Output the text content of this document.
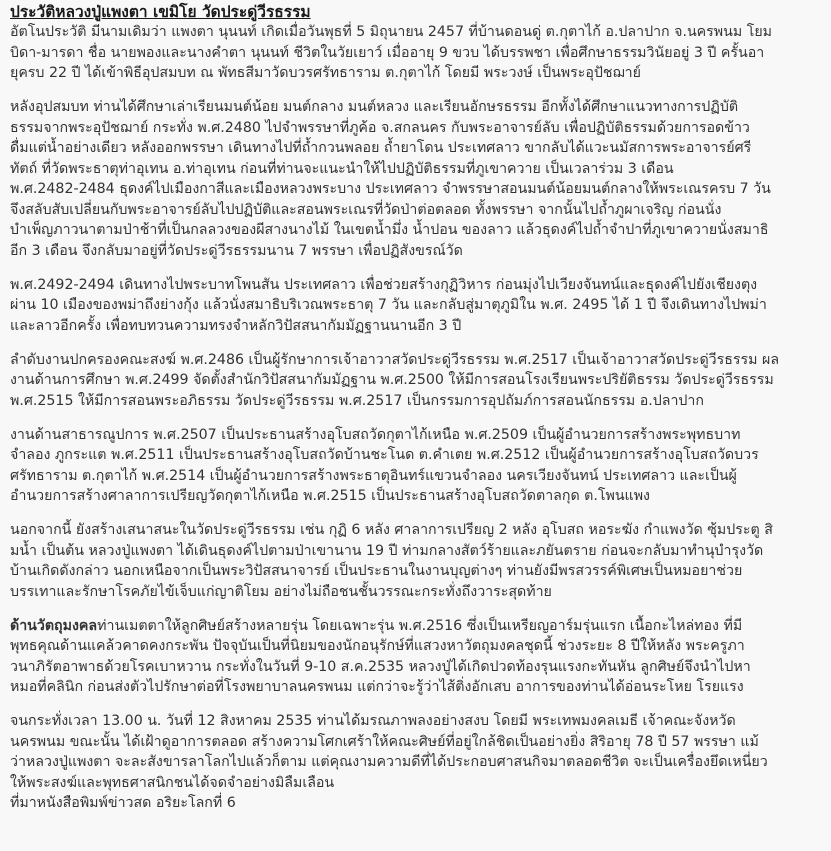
ประวัติหลวงปู่แพงตา เขมิโย วัดประดู่วีรธรรม

อัตโนประวัติ มีนามเดิมว่า แพงตา นุนนท์ เกิดเมื่อวันพุธที่ 5 มิถุนายน 2457 ที่บ้านดอนดู่ ต.กุตาไก้ อ.ปลาปาก จ.นครพนม โยม
บิดา-มารดา ชื่อ นายพองและนางคำตา นุนนท์ ชีวิตในวัยเยาว์ เมื่ออายุ 9 ขวบ ได้บรรพชา เพื่อศึกษาธรรมวินัยอยู่ 3 ปี ครั้นอา
ยุครบ 22 ปี ได้เข้าพิธีอุปสมบท ณ พัทธสีมาวัดบวรศรัทธาราม ต.กุตาไก้ โดยมี พระวงษ์ เป็นพระอุปัชฌาย์

หลังอุปสมบท ท่านได้ศึกษาเล่าเรียนมนต์น้อย มนต์กลาง มนต์หลวง และเรียนอักษรธรรม อีกทั้งได้ศึกษาแนวทางการปฏิบัติ
ธรรมจากพระอุปัชฌาย์ กระทั่ง พ.ศ.2480 ไปจำพรรษาที่ภูค้อ จ.สกลนคร กับพระอาจารย์ลับ เพื่อปฏิบัติธรรมด้วยการอดข้าว
ดื่มแต่น้ำอย่างเดียว หลังออกพรรษา เดินทางไปที่ถ้ำกวนพลอย ถ้ำยาโดน ประเทศลาว ขากลับได้แวะนมัสการพระอาจารย์ศรี
ทัตถ์ ที่วัดพระธาตุท่าอุเทน อ.ท่าอุเทน ก่อนที่ท่านจะแนะนำให้ไปปฏิบัติธรรมที่ภูเขาควาย เป็นเวลาร่วม 3 เดือน
พ.ศ.2482-2484 ธุดงค์ไปเมืองกาสีและเมืองหลวงพระบาง ประเทศลาว จำพรรษาสอนมนต์น้อยมนต์กลางให้พระเณรครบ 7 วัน
จึงสลับสับเปลี่ยนกับพระอาจารย์ลับไปปฏิบัติและสอนพระเณรที่วัดป่าต่อตลอด ทั้งพรรษา จากนั้นไปถ้ำภูผาเจริญ ก่อนนั่ง
บำเพ็ญภาวนาตามป่าช้าที่เป็นกลลวงของผีสางนางไม้ ในเขตน้ำมึ่ง น้ำปอน ของลาว แล้วธุดงค์ไปถ้ำจำปาที่ภูเขาควายนั่งสมาธิ
อีก 3 เดือน จึงกลับมาอยู่ที่วัดประดู่วีรธรรมนาน 7 พรรษา เพื่อปฏิสังขรณ์วัด

พ.ศ.2492-2494 เดินทางไปพระบาทโพนสัน ประเทศลาว เพื่อช่วยสร้างกุฏิวิหาร ก่อนมุ่งไปเวียงจันทน์และธุดงค์ไปยังเชียงตุง
ผ่าน 10 เมืองของพม่าถึงย่างกุ้ง แล้วนั่งสมาธิบริเวณพระธาตุ 7 วัน และกลับสู่มาตุภูมิใน พ.ศ. 2495 ได้ 1 ปี จึงเดินทางไปพม่า
และลาวอีกครั้ง เพื่อทบทวนความทรงจำหลักวิปัสสนากัมมัฏฐานนานอีก 3 ปี

ลำดับงานปกครองคณะสงฆ์ พ.ศ.2486 เป็นผู้รักษาการเจ้าอาวาสวัดประดู่วีรธรรม พ.ศ.2517 เป็นเจ้าอาวาสวัดประดู่วีรธรรม ผล
งานด้านการศึกษา พ.ศ.2499 จัดตั้งสำนักวิปัสสนากัมมัฏฐาน พ.ศ.2500 ให้มีการสอนโรงเรียนพระปริยัติธรรม วัดประดู่วีรธรรม
พ.ศ.2515 ให้มีการสอนพระอภิธรรม วัดประดู่วีรธรรม พ.ศ.2517 เป็นกรรมการอุปถัมภ์การสอนนักธรรม อ.ปลาปาก

งานด้านสาธารณูปการ พ.ศ.2507 เป็นประธานสร้างอุโบสถวัดกุตาไก้เหนือ พ.ศ.2509 เป็นผู้อำนวยการสร้างพระพุทธบาท
จำลอง ภูกระแต พ.ศ.2511 เป็นประธานสร้างอุโบสถวัดบ้านชะโนด ต.คำเตย พ.ศ.2512 เป็นผู้อำนวยการสร้างอุโบสถวัดบวร
ศรัทธาราม ต.กุตาไก้ พ.ศ.2514 เป็นผู้อำนวยการสร้างพระธาตุอินทร์แขวนจำลอง นครเวียงจันทน์ ประเทศลาว และเป็นผู้
อำนวยการสร้างศาลาการเปรียญวัดกุตาไก้เหนือ พ.ศ.2515 เป็นประธานสร้างอุโบสถวัดตาลกุด ต.โพนแพง

นอกจากนี้ ยังสร้างเสนาสนะในวัดประดู่วีรธรรม เช่น กุฏิ 6 หลัง ศาลาการเปรียญ 2 หลัง อุโบสถ หอระฆัง กำแพงวัด ซุ้มประตู สิ
มน้ำ เป็นต้น หลวงปู่แพงตา ได้เดินธุดงค์ไปตามป่าเขานาน 19 ปี ท่ามกลางสัตว์ร้ายและภยันตราย ก่อนจะกลับมาทำนุบำรุงวัด
บ้านเกิดดังกล่าว นอกเหนือจากเป็นพระวิปัสสนาจารย์ เป็นประธานในงานบุญต่างๆ ท่านยังมีพรสวรรค์พิเศษเป็นหมอยาช่วย
บรรเทาและรักษาโรคภัยไข้เจ็บแก่ญาติโยม อย่างไม่ถือชนชั้นวรรณะกระทั่งถึงวาระสุดท้าย

ด้านวัตถุมงคลท่านเมตตาให้ลูกศิษย์สร้างหลายรุ่น โดยเฉพาะรุ่น พ.ศ.2516 ซึ่งเป็นเหรียญอาร์มรุ่นแรก เนื้อกะไหล่ทอง ที่มี
พุทธคุณด้านแคล้วคาดคงกระพัน ปัจจุบันเป็นที่นิยมของนักอนุรักษ์ที่แสวงหาวัตถุมงคลชุดนี้ ช่วงระยะ 8 ปีให้หลัง พระครูภา
วนาภิรัตอาพาธด้วยโรคเบาหวาน กระทั่งในวันที่ 9-10 ส.ค.2535 หลวงปู่ได้เกิดปวดท้องรุนแรงกะทันหัน ลูกศิษย์จึงนำไปหา
หมอที่คลินิก ก่อนส่งตัวไปรักษาต่อที่โรงพยาบาลนครพนม แต่กว่าจะรู้ว่าไส้ติ่งอักเสบ อาการของท่านได้อ่อนระโหย โรยแรง

จนกระทั่งเวลา 13.00 น. วันที่ 12 สิงหาคม 2535 ท่านได้มรณภาพลงอย่างสงบ โดยมี พระเทพมงคลเมธี เจ้าคณะจังหวัด
นครพนม ขณะนั้น ได้เฝ้าดูอาการตลอด สร้างความโศกเศร้าให้คณะศิษย์ที่อยู่ใกล้ชิดเป็นอย่างยิ่ง สิริอายุ 78 ปี 57 พรรษา แม้
ว่าหลวงปู่แพงตา จะละสังขารลาโลกไปแล้วก็ตาม แต่คุณงามความดีที่ได้ประกอบศาสนกิจมาตลอดชีวิต จะเป็นเครื่องยึดเหนี่ยว
ให้พระสงฆ์และพุทธศาสนิกชนได้จดจำอย่างมิลืมเลือน
ที่มาหนังสือพิมพ์ข่าวสด อริยะโลกที่ 6
